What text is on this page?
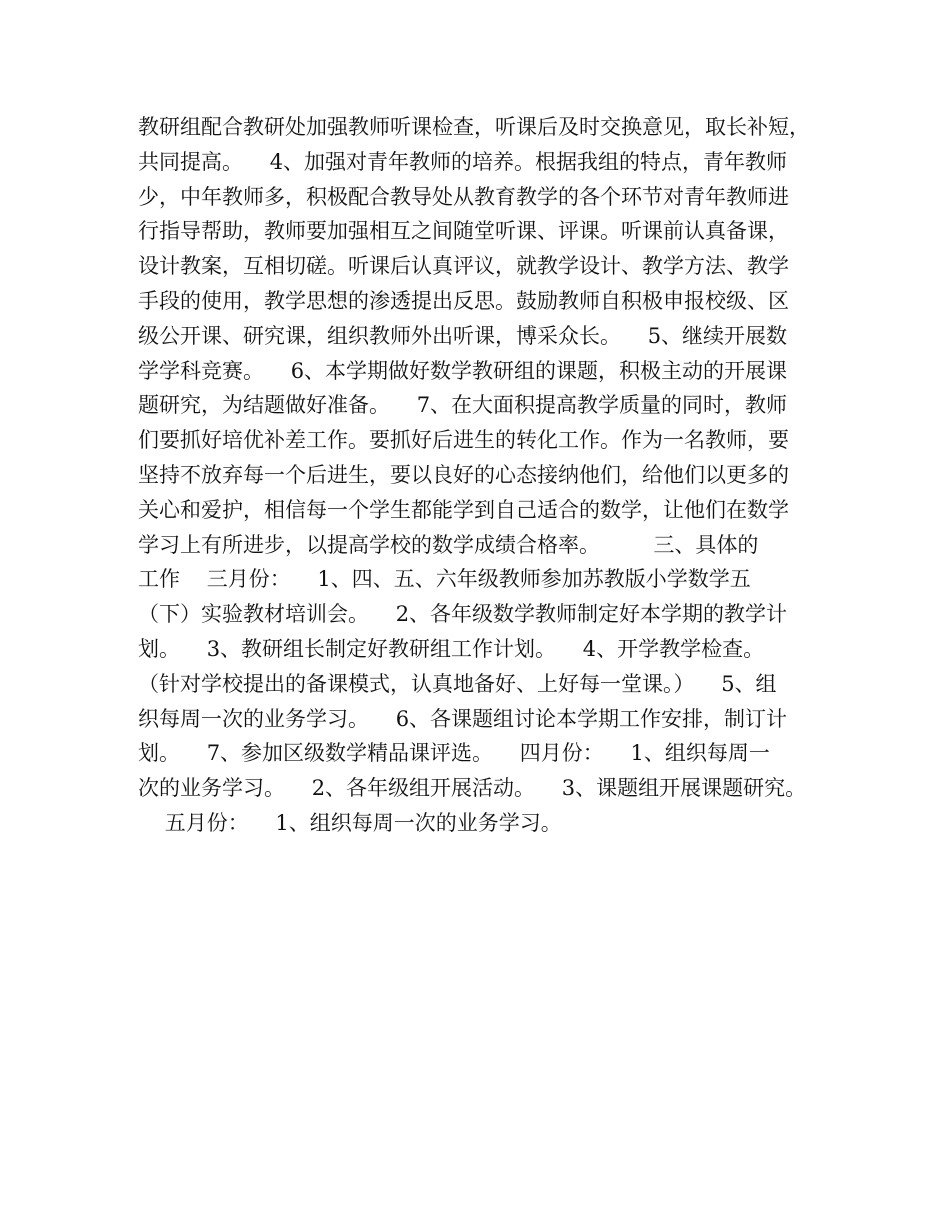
教研组配合教研处加强教师听课检查，听课后及时交换意见，取长补短，
共同提高。    4、加强对青年教师的培养。根据我组的特点，青年教师
少，中年教师多，积极配合教导处从教育教学的各个环节对青年教师进
行指导帮助，教师要加强相互之间随堂听课、评课。听课前认真备课，
设计教案，互相切磋。听课后认真评议，就教学设计、教学方法、教学
手段的使用，教学思想的渗透提出反思。鼓励教师自积极申报校级、区
级公开课、研究课，组织教师外出听课，博采众长。    5、继续开展数
学学科竞赛。    6、本学期做好数学教研组的课题，积极主动的开展课
题研究，为结题做好准备。    7、在大面积提高教学质量的同时，教师
们要抓好培优补差工作。要抓好后进生的转化工作。作为一名教师，要
坚持不放弃每一个后进生，要以良好的心态接纳他们，给他们以更多的
关心和爱护，相信每一个学生都能学到自己适合的数学，让他们在数学
学习上有所进步，以提高学校的数学成绩合格率。        三、具体的
工作    三月份：    1、四、五、六年级教师参加苏教版小学数学五
（下）实验教材培训会。    2、各年级数学教师制定好本学期的教学计
划。    3、教研组长制定好教研组工作计划。    4、开学教学检查。
（针对学校提出的备课模式，认真地备好、上好每一堂课。）    5、组
织每周一次的业务学习。    6、各课题组讨论本学期工作安排，制订计
划。    7、参加区级数学精品课评选。    四月份：    1、组织每周一
次的业务学习。    2、各年级组开展活动。    3、课题组开展课题研究。
五月份：    1、组织每周一次的业务学习。
